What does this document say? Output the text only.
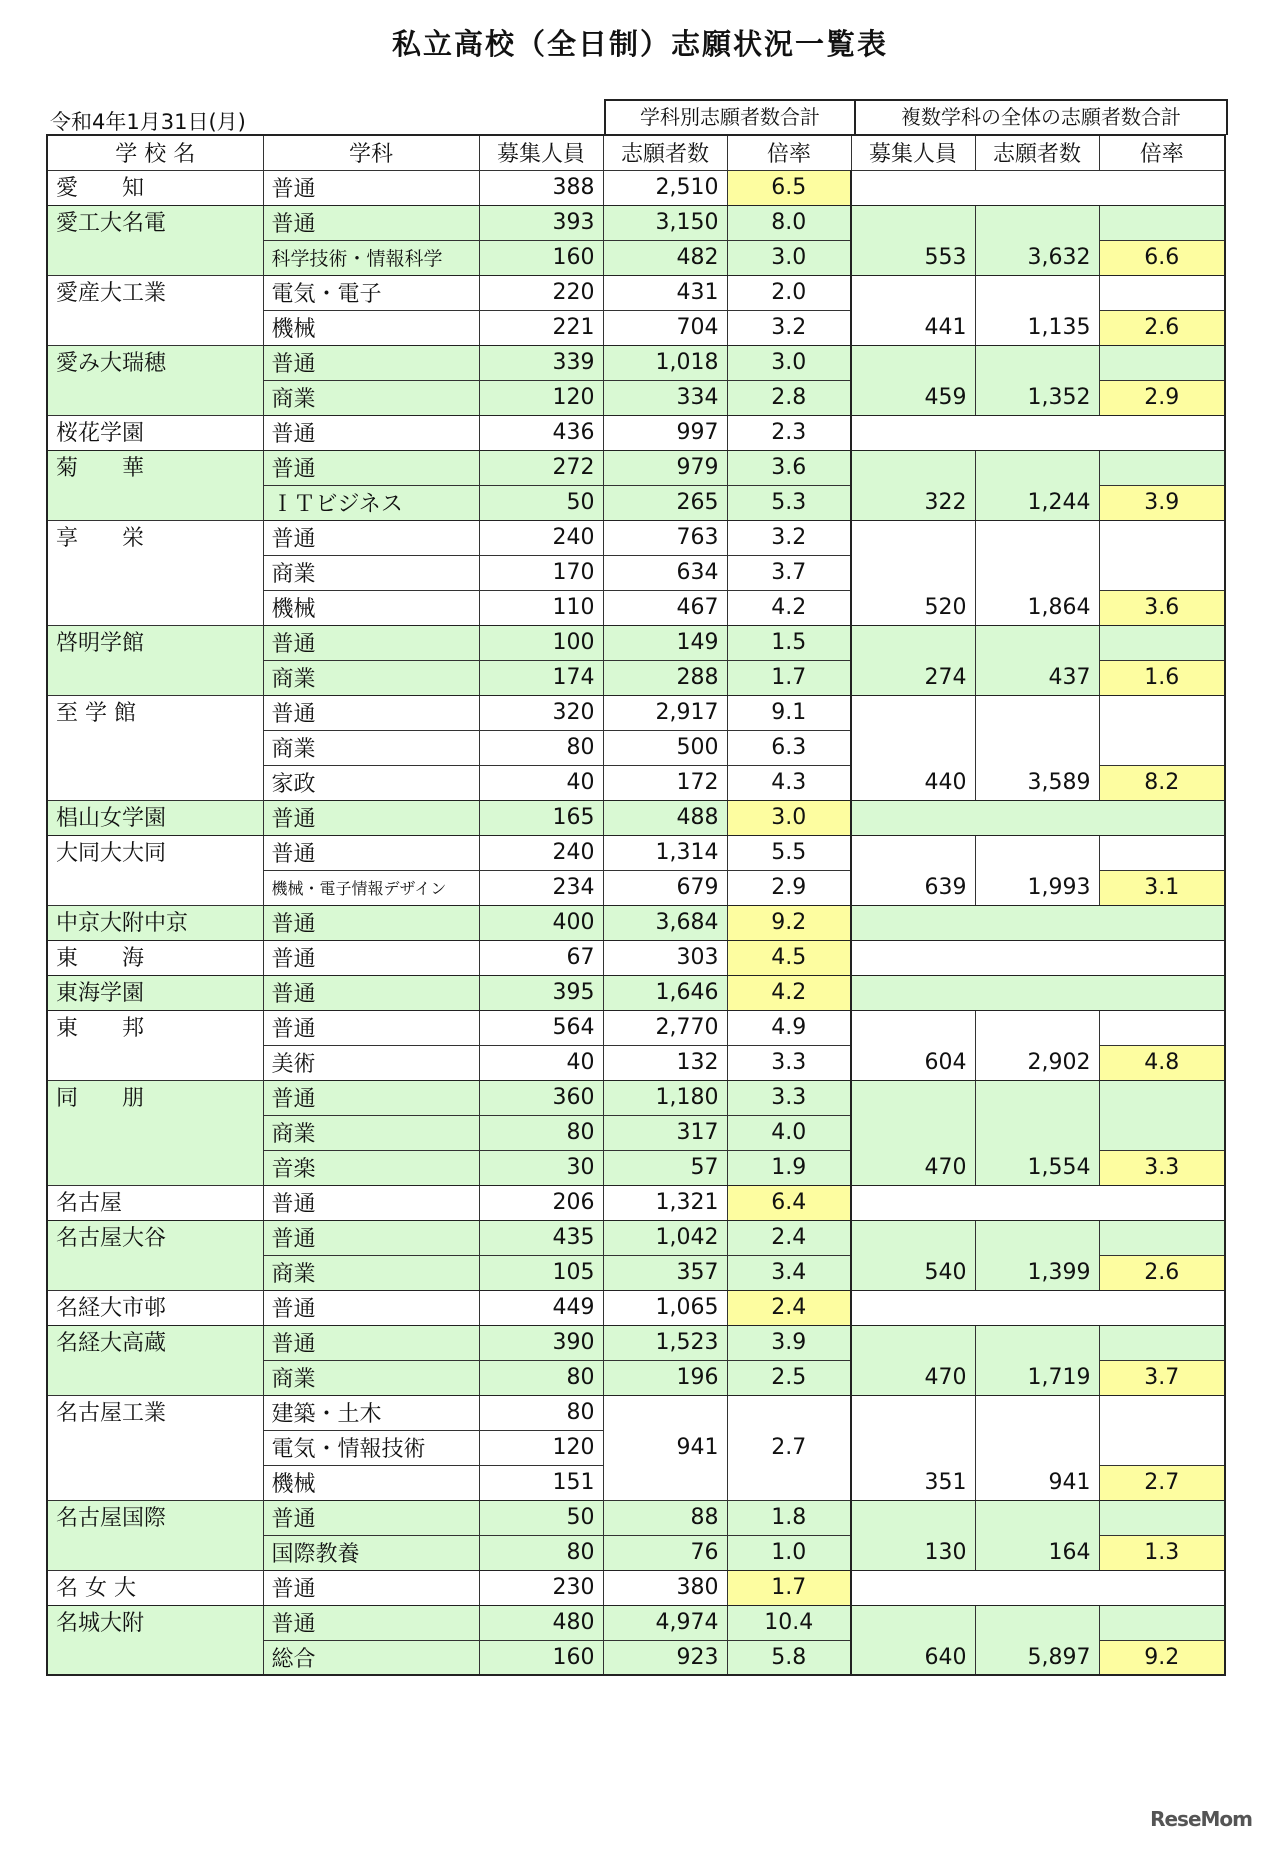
私立高校（全日制）志願状況一覧表
令和4年1月31日(月)	学科別志願者数合計	複数学科の全体の志願者数合計
学 校 名	学科	募集人員	志願者数	倍率	募集人員	志願者数	倍率
愛　　知	普通	388	2,510	6.5			
愛工大名電	普通	393	3,150	8.0			
	科学技術・情報科学	160	482	3.0	553	3,632	6.6
愛産大工業	電気・電子	220	431	2.0			
	機械	221	704	3.2	441	1,135	2.6
愛み大瑞穂	普通	339	1,018	3.0			
	商業	120	334	2.8	459	1,352	2.9
桜花学園	普通	436	997	2.3			
菊　　華	普通	272	979	3.6			
	ＩＴビジネス	50	265	5.3	322	1,244	3.9
享　　栄	普通	240	763	3.2			
	商業	170	634	3.7			
	機械	110	467	4.2	520	1,864	3.6
啓明学館	普通	100	149	1.5			
	商業	174	288	1.7	274	437	1.6
至 学 館	普通	320	2,917	9.1			
	商業	80	500	6.3			
	家政	40	172	4.3	440	3,589	8.2
椙山女学園	普通	165	488	3.0			
大同大大同	普通	240	1,314	5.5			
	機械・電子情報デザイン	234	679	2.9	639	1,993	3.1
中京大附中京	普通	400	3,684	9.2			
東　　海	普通	67	303	4.5			
東海学園	普通	395	1,646	4.2			
東　　邦	普通	564	2,770	4.9			
	美術	40	132	3.3	604	2,902	4.8
同　　朋	普通	360	1,180	3.3			
	商業	80	317	4.0			
	音楽	30	57	1.9	470	1,554	3.3
名古屋	普通	206	1,321	6.4			
名古屋大谷	普通	435	1,042	2.4			
	商業	105	357	3.4	540	1,399	2.6
名経大市邨	普通	449	1,065	2.4			
名経大高蔵	普通	390	1,523	3.9			
	商業	80	196	2.5	470	1,719	3.7
名古屋工業	建築・土木	80	941	2.7			
	電気・情報技術	120					
	機械	151			351	941	2.7
名古屋国際	普通	50	88	1.8			
	国際教養	80	76	1.0	130	164	1.3
名 女 大	普通	230	380	1.7			
名城大附	普通	480	4,974	10.4			
	総合	160	923	5.8	640	5,897	9.2
ReseMom
